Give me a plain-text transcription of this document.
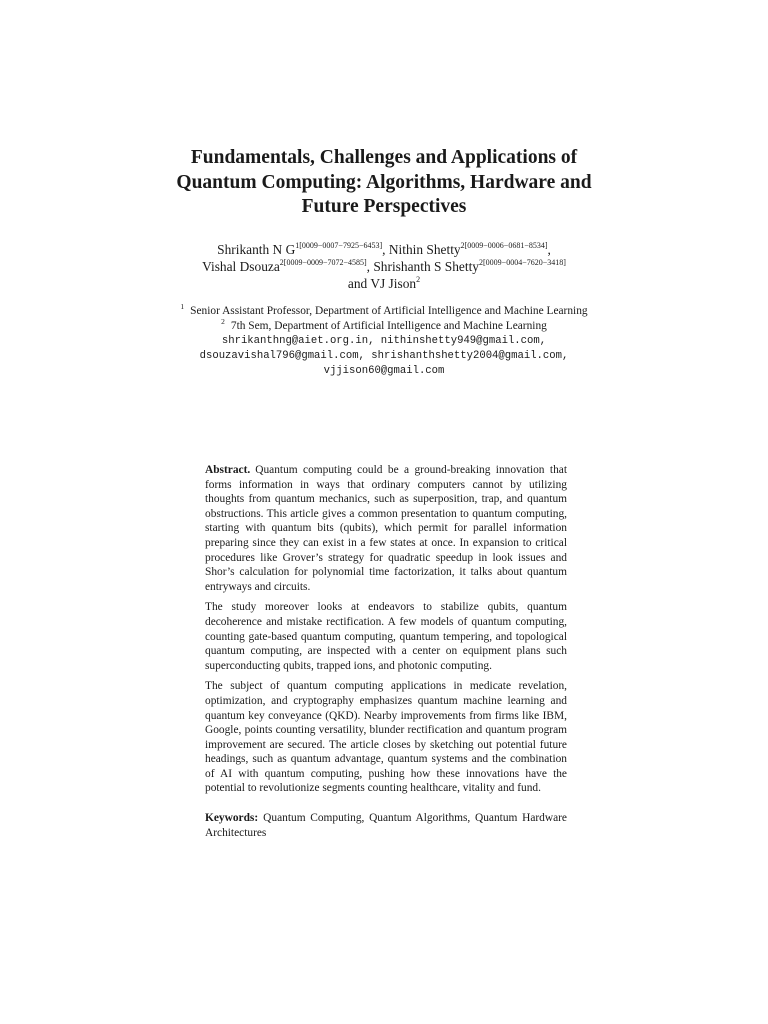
Fundamentals, Challenges and Applications of Quantum Computing: Algorithms, Hardware and Future Perspectives
Shrikanth N $G^{1[0009-0007-7925-6453]}$, Nithin Shetty$^{2[0009-0006-0681-8534]}$,
Vishal Dsouza$^{2[0009-0009-7072-4585]}$, Shrishanth S Shetty$^{2[0009-0004-7620-3418]}$
and VJ Jison$^2$
$^1$ Senior Assistant Professor, Department of Artificial Intelligence and Machine Learning
$^2$ 7th Sem, Department of Artificial Intelligence and Machine Learning
shrikanthng@aiet.org.in, nithinshetty949@gmail.com,
dsouzavishal796@gmail.com, shrishanthshetty2004@gmail.com,
vjjison60@gmail.com

Abstract. Quantum computing could be a ground-breaking innovation that forms information in ways that ordinary computers cannot by utilizing thoughts from quantum mechanics, such as superposition, trap, and quantum obstructions. This article gives a common presentation to quantum computing, starting with quantum bits (qubits), which permit for parallel information preparing since they can exist in a few states at once. In expansion to critical procedures like Grover’s strategy for quadratic speedup in look issues and Shor’s calculation for polynomial time factorization, it talks about quantum entryways and circuits.

The study moreover looks at endeavors to stabilize qubits, quantum decoherence and mistake rectification. A few models of quantum computing, counting gate-based quantum computing, quantum tempering, and topological quantum computing, are inspected with a center on equipment plans such superconducting qubits, trapped ions, and photonic computing.

The subject of quantum computing applications in medicate revelation, optimization, and cryptography emphasizes quantum machine learning and quantum key conveyance (QKD). Nearby improvements from firms like IBM, Google, points counting versatility, blunder rectification and quantum program improvement are secured. The article closes by sketching out potential future headings, such as quantum advantage, quantum systems and the combination of AI with quantum computing, pushing how these innovations have the potential to revolutionize segments counting healthcare, vitality and fund.

Keywords: Quantum Computing, Quantum Algorithms, Quantum Hardware Architectures
